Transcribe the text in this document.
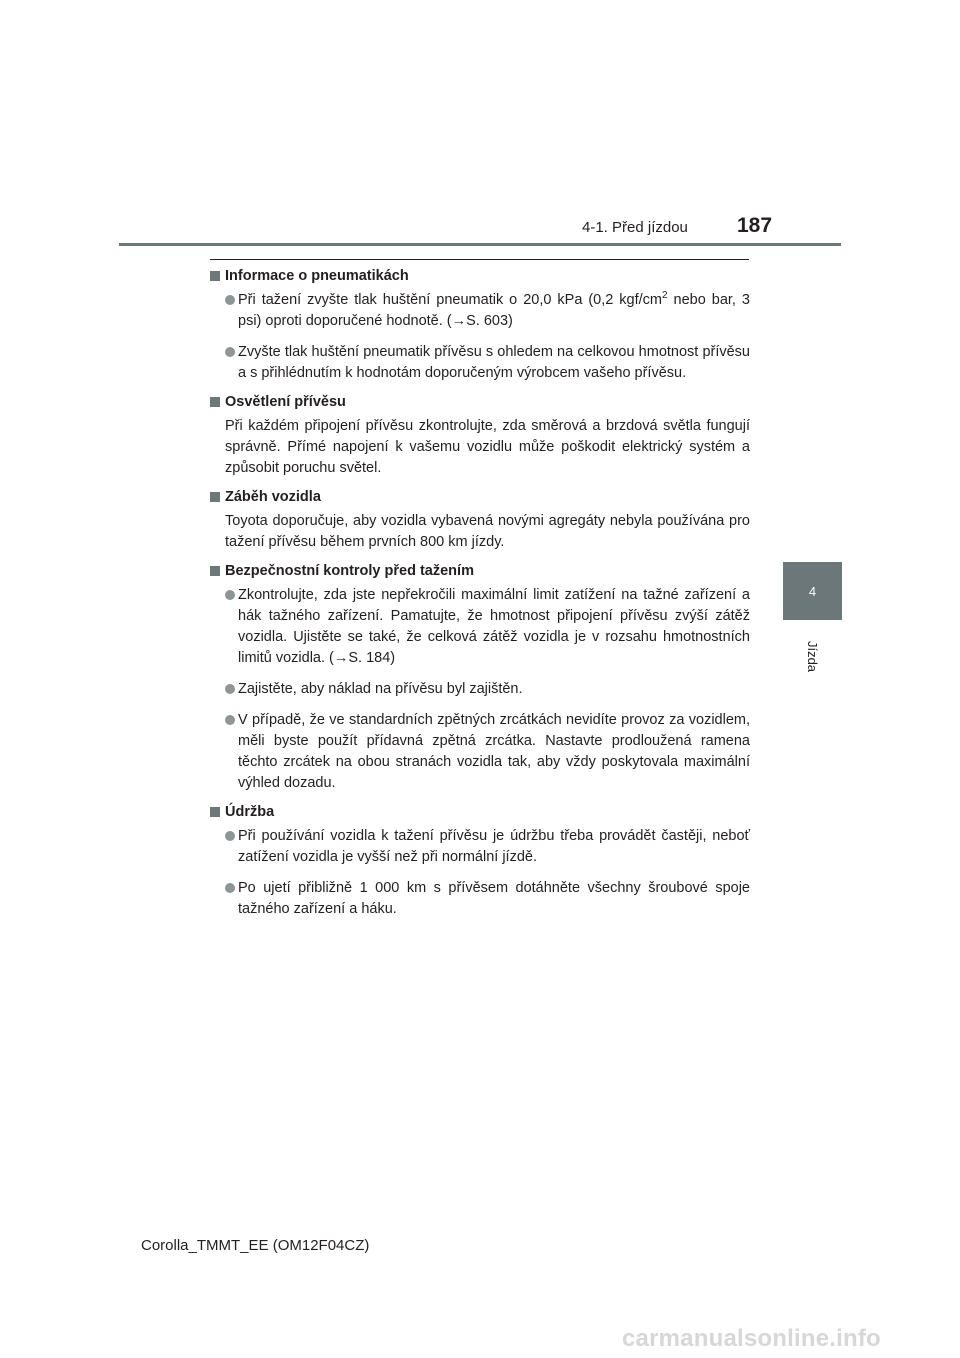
4-1. Před jízdou 187
4
Jízda
Informace o pneumatikách
Při tažení zvyšte tlak huštění pneumatik o 20,0 kPa (0,2 kgf/$cm^2$ nebo bar, 3 psi) oproti doporučené hodnotě. (→S. 603)
Zvyšte tlak huštění pneumatik přívěsu s ohledem na celkovou hmotnost přívěsu a s přihlédnutím k hodnotám doporučeným výrobcem vašeho přívěsu.
Osvětlení přívěsu
Při každém připojení přívěsu zkontrolujte, zda směrová a brzdová světla fungují správně. Přímé napojení k vašemu vozidlu může poškodit elektrický systém a způsobit poruchu světel.
Záběh vozidla
Toyota doporučuje, aby vozidla vybavená novými agregáty nebyla používána pro tažení přívěsu během prvních 800 km jízdy.
Bezpečnostní kontroly před tažením
Zkontrolujte, zda jste nepřekročili maximální limit zatížení na tažné zařízení a hák tažného zařízení. Pamatujte, že hmotnost připojení přívěsu zvýší zátěž vozidla. Ujistěte se také, že celková zátěž vozidla je v rozsahu hmotnostních limitů vozidla. (→S. 184)
Zajistěte, aby náklad na přívěsu byl zajištěn.
V případě, že ve standardních zpětných zrcátkách nevidíte provoz za vozidlem, měli byste použít přídavná zpětná zrcátka. Nastavte prodloužená ramena těchto zrcátek na obou stranách vozidla tak, aby vždy poskytovala maximální výhled dozadu.
Údržba
Při používání vozidla k tažení přívěsu je údržbu třeba provádět častěji, neboť zatížení vozidla je vyšší než při normální jízdě.
Po ujetí přibližně 1 000 km s přívěsem dotáhněte všechny šroubové spoje tažného zařízení a háku.
Corolla_TMMT_EE (OM12F04CZ)
carmanualsonline.info
